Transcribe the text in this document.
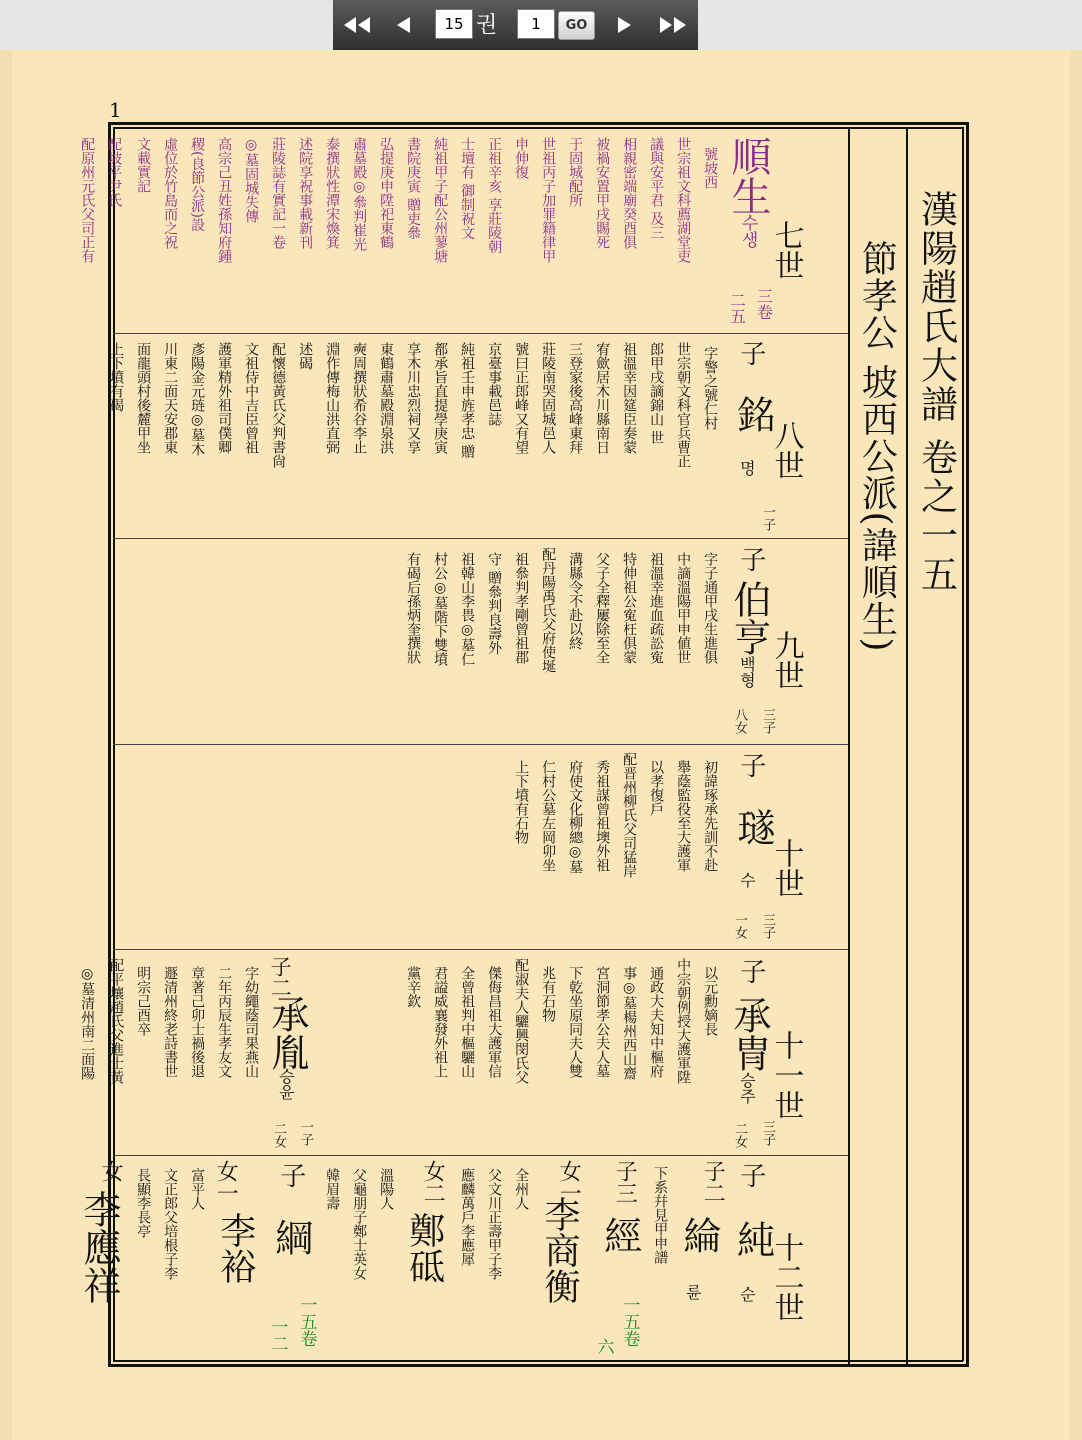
15
권
1	GO
1
漢陽趙氏大譜 卷之一五
節孝公 坡西公派(諱順生)
七世
三卷
二五
順生
수생
號坡西
世宗祖文科薦湖堂吏
議與安平君 及三
相親密端廟癸酉俱
被禍安置甲戌賜死
于固城配所
世祖丙子加罪籍律甲
申伸復
正祖辛亥 享莊陵朝
士壇有 御制祝文
純祖甲子配公州蓼塘
書院庚寅 贈吏叅
弘提庚申陞祀東鶴
肅墓殿◎叅判崔光
泰撰狀性潭宋煥箕
述院享祝事載新刊
莊陵誌有實記一卷
◎墓固城失傳
高宗己丑姓孫知府鍾
稷(良節公派)設
虛位於竹島而之祝
文載實記
配坡平尹氏
配原州元氏父司正有
八世
一子
子
銘
명
字警之號仁村
世宗朝文科官兵曹正
郎甲戌謫錦山 世
祖溫幸因筵臣奏蒙
宥歛居木川縣南日
三登家後高峰東拜
莊陵南哭固城邑人
號曰正郎峰又有望
京臺事載邑誌
純祖壬申旌孝忠 贈
都承旨直提學庚寅
享木川忠烈祠又享
東鶴肅墓殿淵泉洪
奭周撰狀希谷李止
淵作傳梅山洪直弼
述碣
配懷德黃氏父判書尙
文祖侍中吉臣曾祖
護軍精外祖司僕卿
彥陽金元琏◎墓木
川東二面天安郡東
面龍頭村後麓甲坐
上下墳有碣
九世
三子
八女
子
伯亨
백형
字子通甲戌生進俱
中謫溫陽甲申値世
祖溫幸進血疏訟寃
特伸祖公寃枉俱蒙
父子全釋屢除至全
溝縣令不赴以終
配丹陽禹氏父府使埏
祖叅判孝剛曾祖郡
守 贈叅判良壽外
祖韓山李畏◎墓仁
村公◎墓階下雙墳
有碣后孫炳奎撰狀
十世
三子
一女
子
璲
수
初諱琢承先訓不赴
舉蔭監役至大護軍
以孝復戶
配晋州柳氏父司猛岸
秀祖謀曾祖墺外祖
府使文化柳總◎墓
仁村公墓左岡卯坐
上下墳有石物
十一世
三子
二女
子
承冑
승주
以元勳嫡長
中宗朝例授大護軍陞
通政大夫知中樞府
事◎墓楊州西山齋
宮洞節孝公夫人墓
下乾坐原同夫人雙
兆有石物
配淑夫人驪興閔氏父
傑侮昌祖大護軍信
全曾祖判中樞驪山
君謚威襄發外祖上
黨辛欽
一子
二女
子二
承胤
승윤
字幼繩蔭司果燕山
二年丙辰生孝友文
章著己卯士禍後退
遯清州終老詩書世
明宗己酉卒
配平壤趙氏父進士黃
◎墓清州南二面陽
十二世
子
純
순
子二
下系幷見甲申譜 綸
륜
子三
經
一五卷
六
女一
李商衡
全州人
父文川正壽甲子李
應麟萬戶李應犀
女二
鄭砥
溫陽人
父龜朋子鄭士英女
韓眉壽
子
綱
一五卷
一二
女一
李裕
富平人
文正郎父培根子李
長顯李長亭
女
李應祥
